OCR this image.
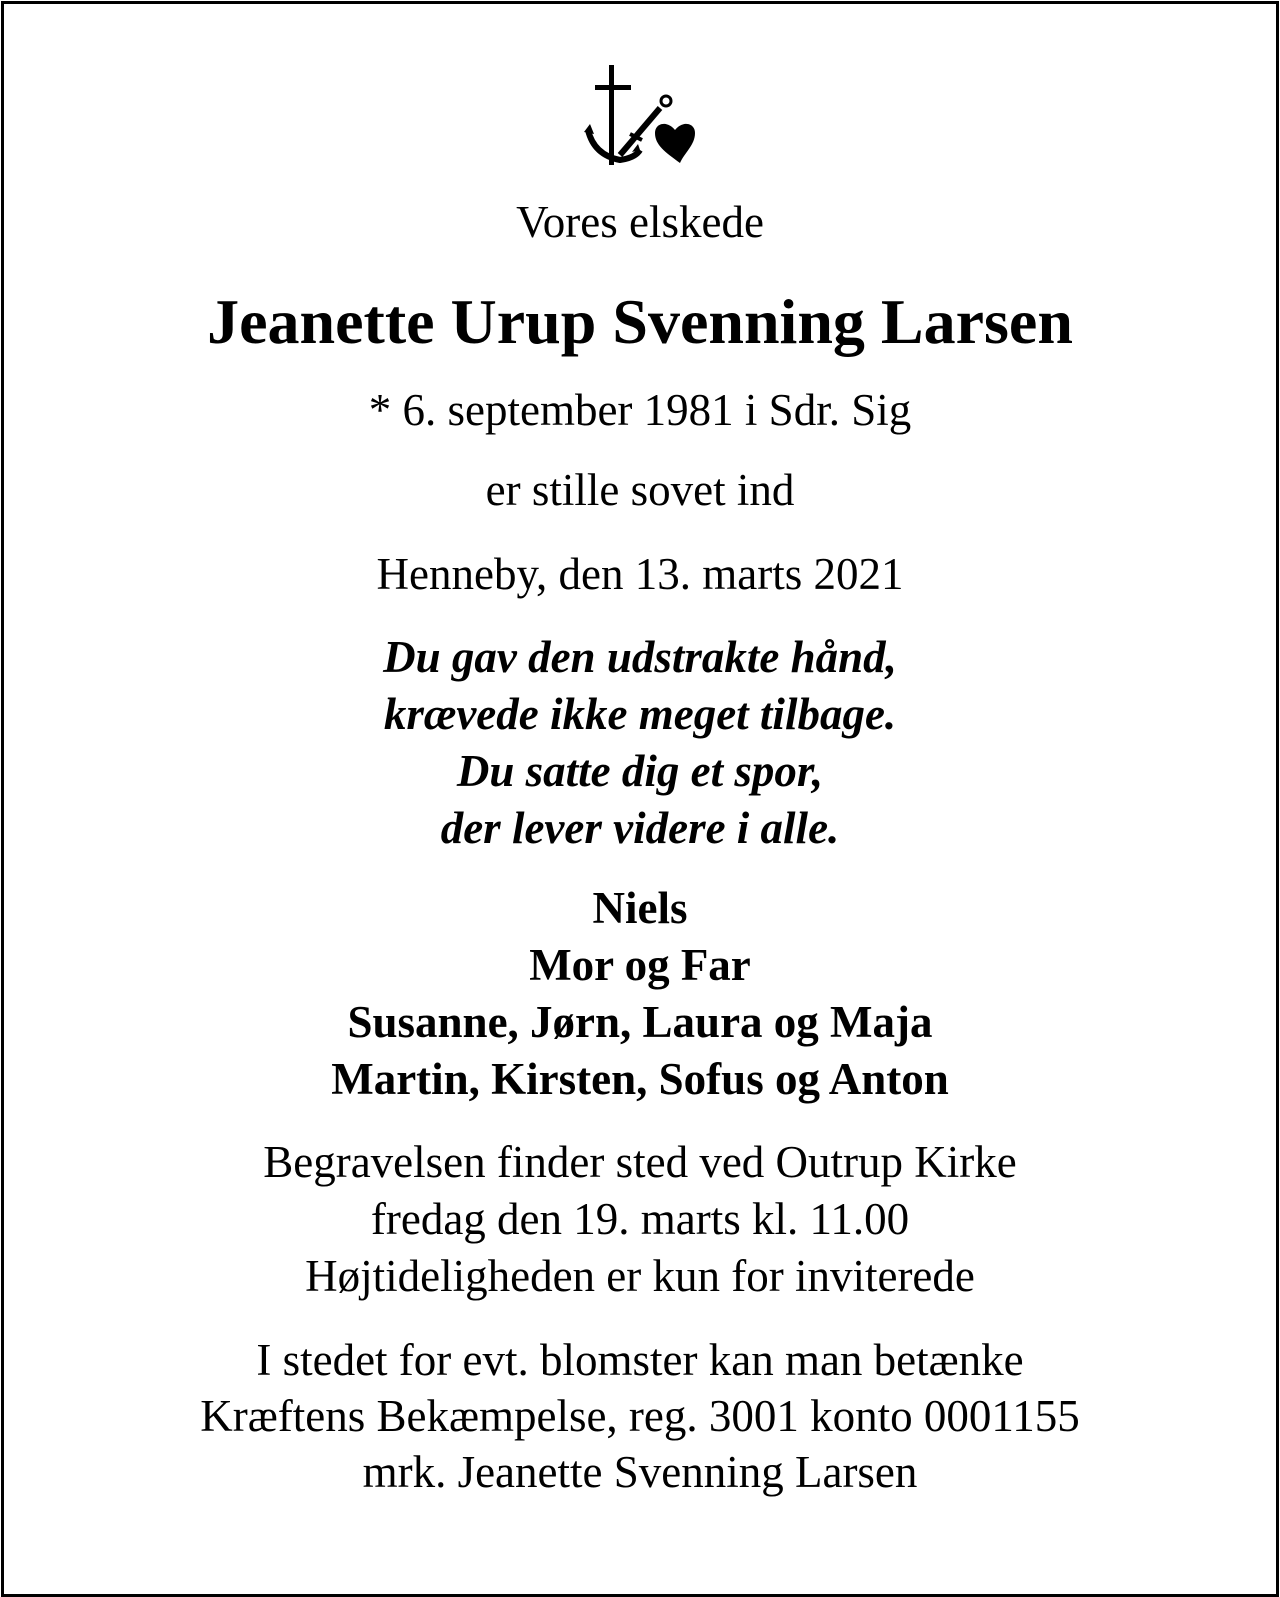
Vores elskede
Jeanette Urup Svenning Larsen
* 6. september 1981 i Sdr. Sig
er stille sovet ind
Henneby, den 13. marts 2021
Du gav den udstrakte hånd,
krævede ikke meget tilbage.
Du satte dig et spor,
der lever videre i alle.
Niels
Mor og Far
Susanne, Jørn, Laura og Maja
Martin, Kirsten, Sofus og Anton
Begravelsen finder sted ved Outrup Kirke
fredag den 19. marts kl. 11.00
Højtideligheden er kun for inviterede
I stedet for evt. blomster kan man betænke
Kræftens Bekæmpelse, reg. 3001 konto 0001155
mrk. Jeanette Svenning Larsen
